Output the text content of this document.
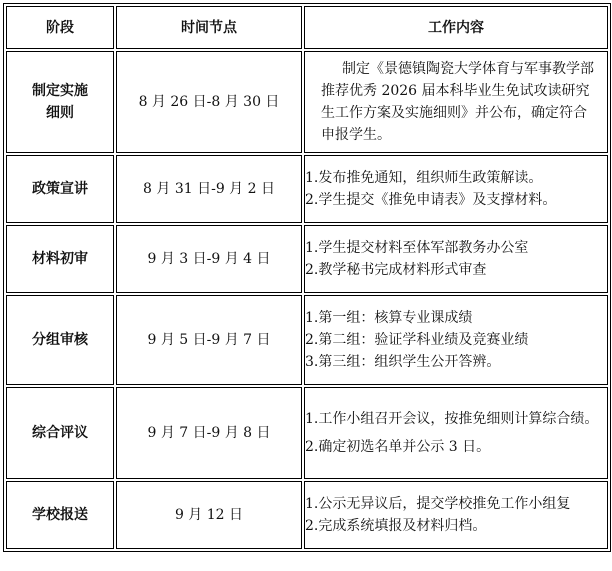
阶段	时间节点	工作内容
制定实施细则	8 月 26 日-8 月 30 日	制定《景德镇陶瓷大学体育与军事教学部推荐优秀 2026 届本科毕业生免试攻读研究生工作方案及实施细则》并公布，确定符合申报学生。

政策宣讲	8 月 31 日-9 月 2 日	1.发布推免通知，组织师生政策解读。
2.学生提交《推免申请表》及支撑材料。

材料初审	9 月 3 日-9 月 4 日	1.学生提交材料至体军部教务办公室
2.教学秘书完成材料形式审查

分组审核	9 月 5 日-9 月 7 日	1.第一组：核算专业课成绩
2.第二组：验证学科业绩及竞赛业绩
3.第三组：组织学生公开答辨。

综合评议	9 月 7 日-9 月 8 日	1.工作小组召开会议，按推免细则计算综合绩。
2.确定初选名单并公示 3 日。

学校报送	9 月 12 日	1.公示无异议后，提交学校推免工作小组复
2.完成系统填报及材料归档。
